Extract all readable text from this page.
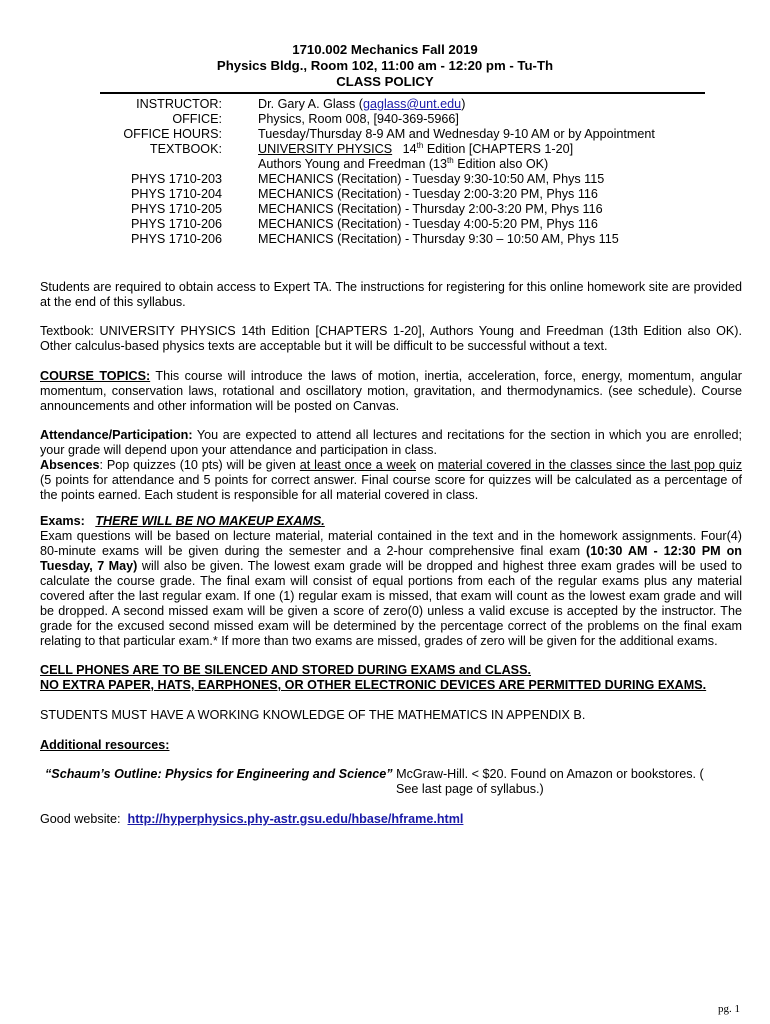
1710.002 Mechanics Fall 2019
Physics Bldg., Room 102, 11:00 am - 12:20 pm - Tu-Th
CLASS POLICY
INSTRUCTOR:	Dr. Gary A. Glass (gaglass@unt.edu)
OFFICE:	Physics, Room 008, [940-369-5966]
OFFICE HOURS:	Tuesday/Thursday 8-9 AM and Wednesday 9-10 AM or by Appointment
TEXTBOOK:	UNIVERSITY PHYSICS   14th Edition [CHAPTERS 1-20]
Authors Young and Freedman (13th Edition also OK)
PHYS 1710-203	MECHANICS (Recitation) - Tuesday 9:30-10:50 AM, Phys 115
PHYS 1710-204	MECHANICS (Recitation) - Tuesday 2:00-3:20 PM, Phys 116
PHYS 1710-205	MECHANICS (Recitation) - Thursday 2:00-3:20 PM, Phys 116
PHYS 1710-206	MECHANICS (Recitation) - Tuesday 4:00-5:20 PM, Phys 116
PHYS 1710-206	MECHANICS (Recitation) - Thursday 9:30 – 10:50 AM, Phys 115
Students are required to obtain access to Expert TA. The instructions for registering for this online homework site are provided at the end of this syllabus.
Textbook: UNIVERSITY PHYSICS 14th Edition [CHAPTERS 1-20], Authors Young and Freedman (13th Edition also OK). Other calculus-based physics texts are acceptable but it will be difficult to be successful without a text.
COURSE TOPICS: This course will introduce the laws of motion, inertia, acceleration, force, energy, momentum, angular momentum, conservation laws, rotational and oscillatory motion, gravitation, and thermodynamics. (see schedule). Course announcements and other information will be posted on Canvas.

Attendance/Participation: You are expected to attend all lectures and recitations for the section in which you are enrolled; your grade will depend upon your attendance and participation in class.

Absences: Pop quizzes (10 pts) will be given at least once a week on material covered in the classes since the last pop quiz (5 points for attendance and 5 points for correct answer. Final course score for quizzes will be calculated as a percentage of the points earned. Each student is responsible for all material covered in class.

Exams: THERE WILL BE NO MAKEUP EXAMS.

Exam questions will be based on lecture material, material contained in the text and in the homework assignments. Four(4) 80-minute exams will be given during the semester and a 2-hour comprehensive final exam (10:30 AM - 12:30 PM on Tuesday, 7 May) will also be given. The lowest exam grade will be dropped and highest three exam grades will be used to calculate the course grade. The final exam will consist of equal portions from each of the regular exams plus any material covered after the last regular exam. If one (1) regular exam is missed, that exam will count as the lowest exam grade and will be dropped. A second missed exam will be given a score of zero(0) unless a valid excuse is accepted by the instructor. The grade for the excused second missed exam will be determined by the percentage correct of the problems on the final exam relating to that particular exam.* If more than two exams are missed, grades of zero will be given for the additional exams.

CELL PHONES ARE TO BE SILENCED AND STORED DURING EXAMS and CLASS.

NO EXTRA PAPER, HATS, EARPHONES, OR OTHER ELECTRONIC DEVICES ARE PERMITTED DURING EXAMS.

STUDENTS MUST HAVE A WORKING KNOWLEDGE OF THE MATHEMATICS IN APPENDIX B.
Additional resources:

“Schaum’s Outline: Physics for Engineering and Science” McGraw-Hill. < $20. Found on Amazon or bookstores. (

See last page of syllabus.)

Good website:  http://hyperphysics.phy-astr.gsu.edu/hbase/hframe.html
pg. 1
